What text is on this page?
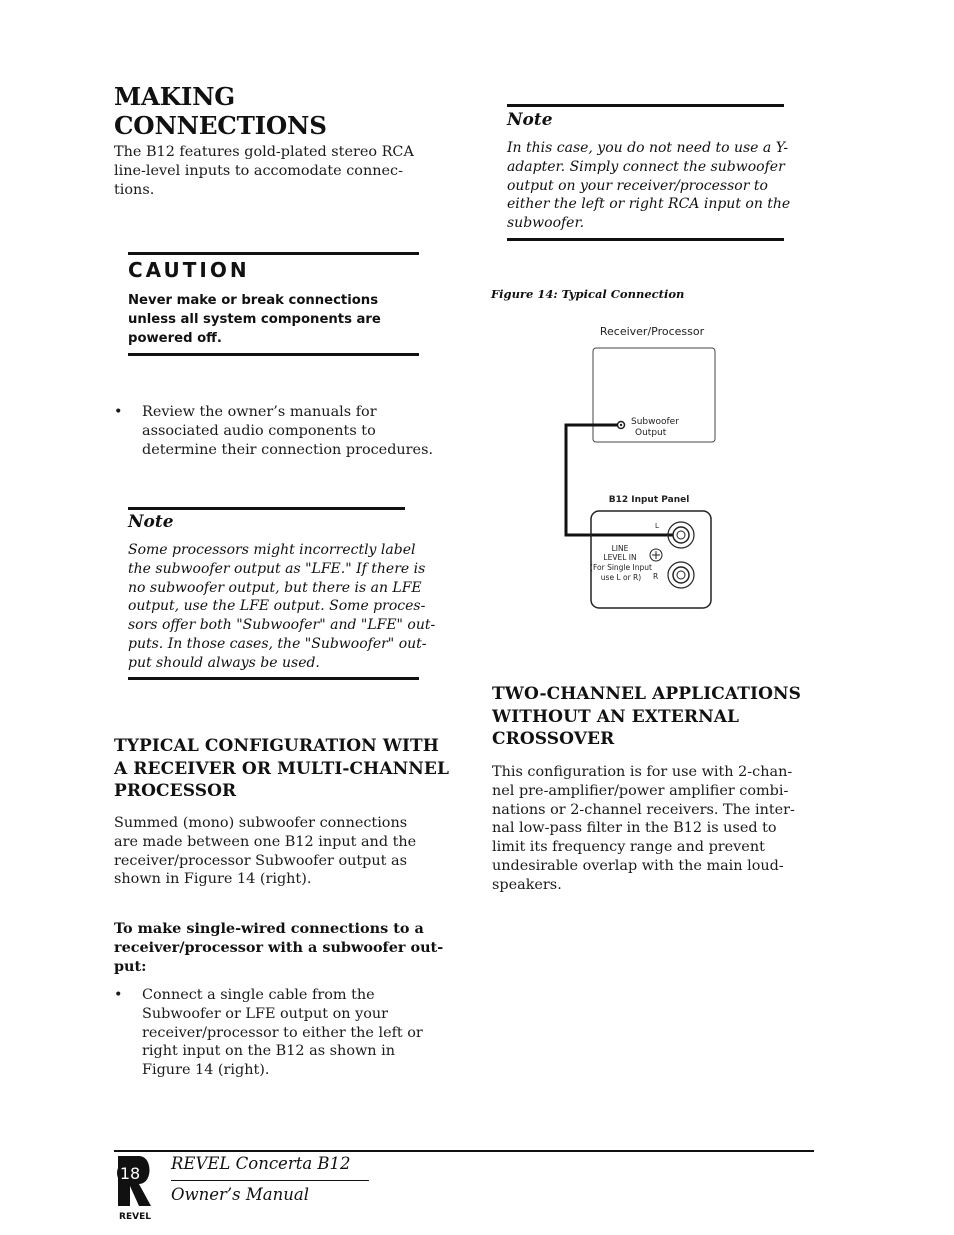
MAKING
CONNECTIONS
The B12 features gold-plated stereo RCA
line-level inputs to accomodate connec-
tions.
CAUTION
Never make or break connections
unless all system components are
powered off.
•	Review the owner’s manuals for
associated audio components to
determine their connection procedures.
Note
Some processors might incorrectly label
the subwoofer output as "LFE." If there is
no subwoofer output, but there is an LFE
output, use the LFE output. Some proces-
sors offer both "Subwoofer" and "LFE" out-
puts. In those cases, the "Subwoofer" out-
put should always be used.
TYPICAL CONFIGURATION WITH
A RECEIVER OR MULTI-CHANNEL
PROCESSOR
Summed (mono) subwoofer connections
are made between one B12 input and the
receiver/processor Subwoofer output as
shown in Figure 14 (right).
To make single-wired connections to a
receiver/processor with a subwoofer out-
put:
•	Connect a single cable from the
Subwoofer or LFE output on your
receiver/processor to either the left or
right input on the B12 as shown in
Figure 14 (right).
Note
In this case, you do not need to use a Y-
adapter. Simply connect the subwoofer
output on your receiver/processor to
either the left or right RCA input on the
subwoofer.
Figure 14: Typical Connection
Receiver/Processor
Subwoofer
Output
B12 Input Panel
L
LINE
LEVEL IN
(For Single Input
use L or R) R
TWO-CHANNEL APPLICATIONS
WITHOUT AN EXTERNAL
CROSSOVER
This configuration is for use with 2-chan-
nel pre-amplifier/power amplifier combi-
nations or 2-channel receivers. The inter-
nal low-pass filter in the B12 is used to
limit its frequency range and prevent
undesirable overlap with the main loud-
speakers.
18
REVEL
REVEL Concerta B12
Owner’s Manual
